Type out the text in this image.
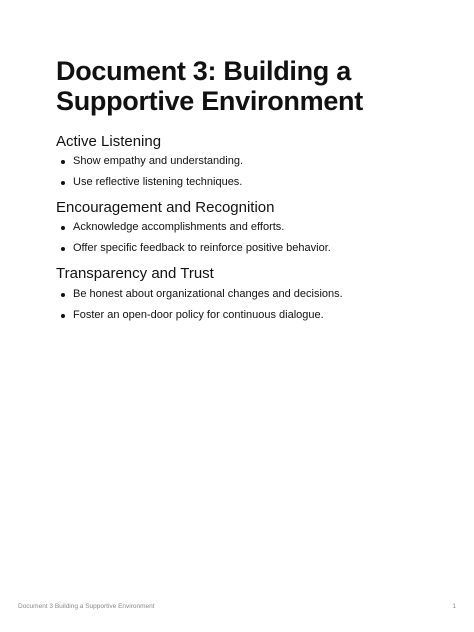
Document 3: Building a Supportive Environment
Active Listening
Show empathy and understanding.
Use reflective listening techniques.
Encouragement and Recognition
Acknowledge accomplishments and efforts.
Offer specific feedback to reinforce positive behavior.
Transparency and Trust
Be honest about organizational changes and decisions.
Foster an open-door policy for continuous dialogue.
Document 3 Building a Supportive Environment	1
